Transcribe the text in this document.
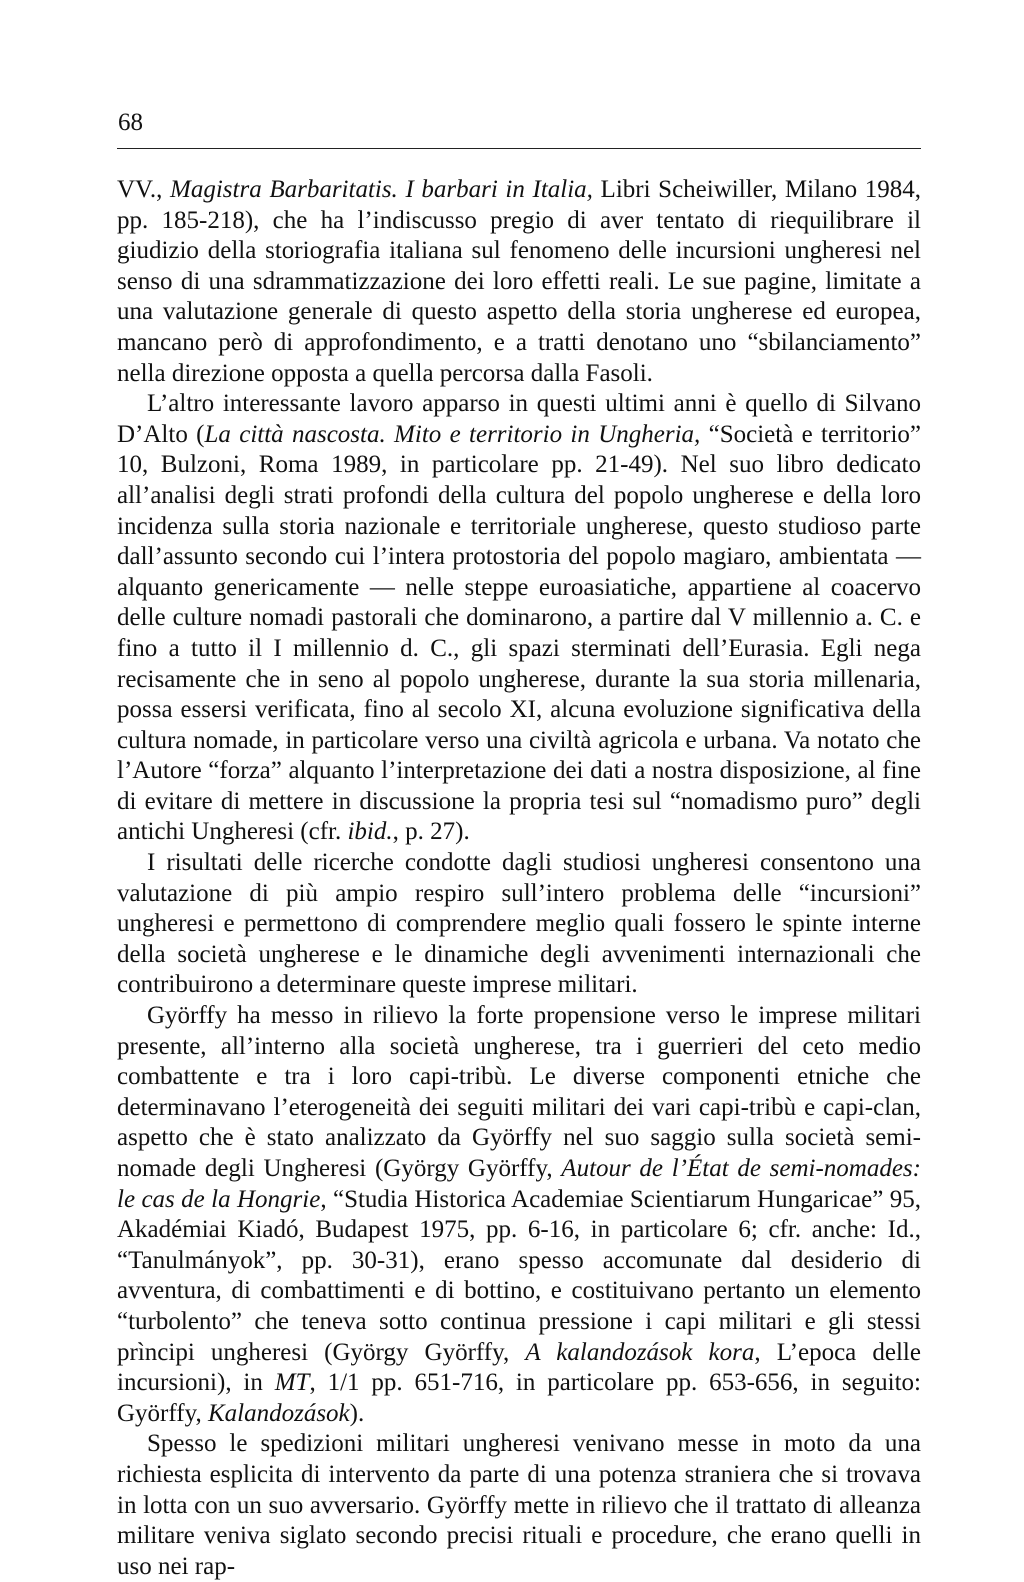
68

VV., Magistra Barbaritatis. I barbari in Italia, Libri Scheiwiller, Milano 1984, pp. 185-218), che ha l’indiscusso pregio di aver tentato di riequilibrare il giudizio della storiografia italiana sul fenomeno delle incursioni ungheresi nel senso di una sdrammatizzazione dei loro effetti reali. Le sue pagine, limitate a una valutazione generale di questo aspetto della storia ungherese ed europea, mancano però di approfondimento, e a tratti denotano uno “sbilanciamento” nella direzione opposta a quella percorsa dalla Fasoli.

L’altro interessante lavoro apparso in questi ultimi anni è quello di Silvano D’Alto (La città nascosta. Mito e territorio in Ungheria, “Società e territorio” 10, Bulzoni, Roma 1989, in particolare pp. 21-49). Nel suo libro dedicato all’analisi degli strati profondi della cultura del popolo ungherese e della loro incidenza sulla storia nazionale e territoriale ungherese, questo studioso parte dall’assunto secondo cui l’intera protostoria del popolo magiaro, ambientata — alquanto genericamente — nelle steppe euroasiatiche, appartiene al coacervo delle culture nomadi pastorali che dominarono, a partire dal V millennio a. C. e fino a tutto il I millennio d. C., gli spazi sterminati dell’Eurasia. Egli nega recisamente che in seno al popolo ungherese, durante la sua storia millenaria, possa essersi verificata, fino al secolo XI, alcuna evoluzione significativa della cultura nomade, in particolare verso una civiltà agricola e urbana. Va notato che l’Autore “forza” alquanto l’interpretazione dei dati a nostra disposizione, al fine di evitare di mettere in discussione la propria tesi sul “nomadismo puro” degli antichi Ungheresi (cfr. ibid., p. 27).

I risultati delle ricerche condotte dagli studiosi ungheresi consentono una valutazione di più ampio respiro sull’intero problema delle “incursioni” ungheresi e permettono di comprendere meglio quali fossero le spinte interne della società ungherese e le dinamiche degli avvenimenti internazionali che contribuirono a determinare queste imprese militari.

Györffy ha messo in rilievo la forte propensione verso le imprese militari presente, all’interno alla società ungherese, tra i guerrieri del ceto medio combattente e tra i loro capi-tribù. Le diverse componenti etniche che determinavano l’eterogeneità dei seguiti militari dei vari capi-tribù e capi-clan, aspetto che è stato analizzato da Györffy nel suo saggio sulla società semi-nomade degli Ungheresi (György Györffy, Autour de l’État de semi-nomades: le cas de la Hongrie, “Studia Historica Academiae Scientiarum Hungaricae” 95, Akadémiai Kiadó, Budapest 1975, pp. 6-16, in particolare 6; cfr. anche: Id., “Tanulmányok”, pp. 30-31), erano spesso accomunate dal desiderio di avventura, di combattimenti e di bottino, e costituivano pertanto un elemento “turbolento” che teneva sotto continua pressione i capi militari e gli stessi prìncipi ungheresi (György Györffy, A kalandozások kora, L’epoca delle incursioni), in MT, 1/1 pp. 651-716, in particolare pp. 653-656, in seguito: Györffy, Kalandozások).

Spesso le spedizioni militari ungheresi venivano messe in moto da una richiesta esplicita di intervento da parte di una potenza straniera che si trovava in lotta con un suo avversario. Györffy mette in rilievo che il trattato di alleanza militare veniva siglato secondo precisi rituali e procedure, che erano quelli in uso nei rap-
